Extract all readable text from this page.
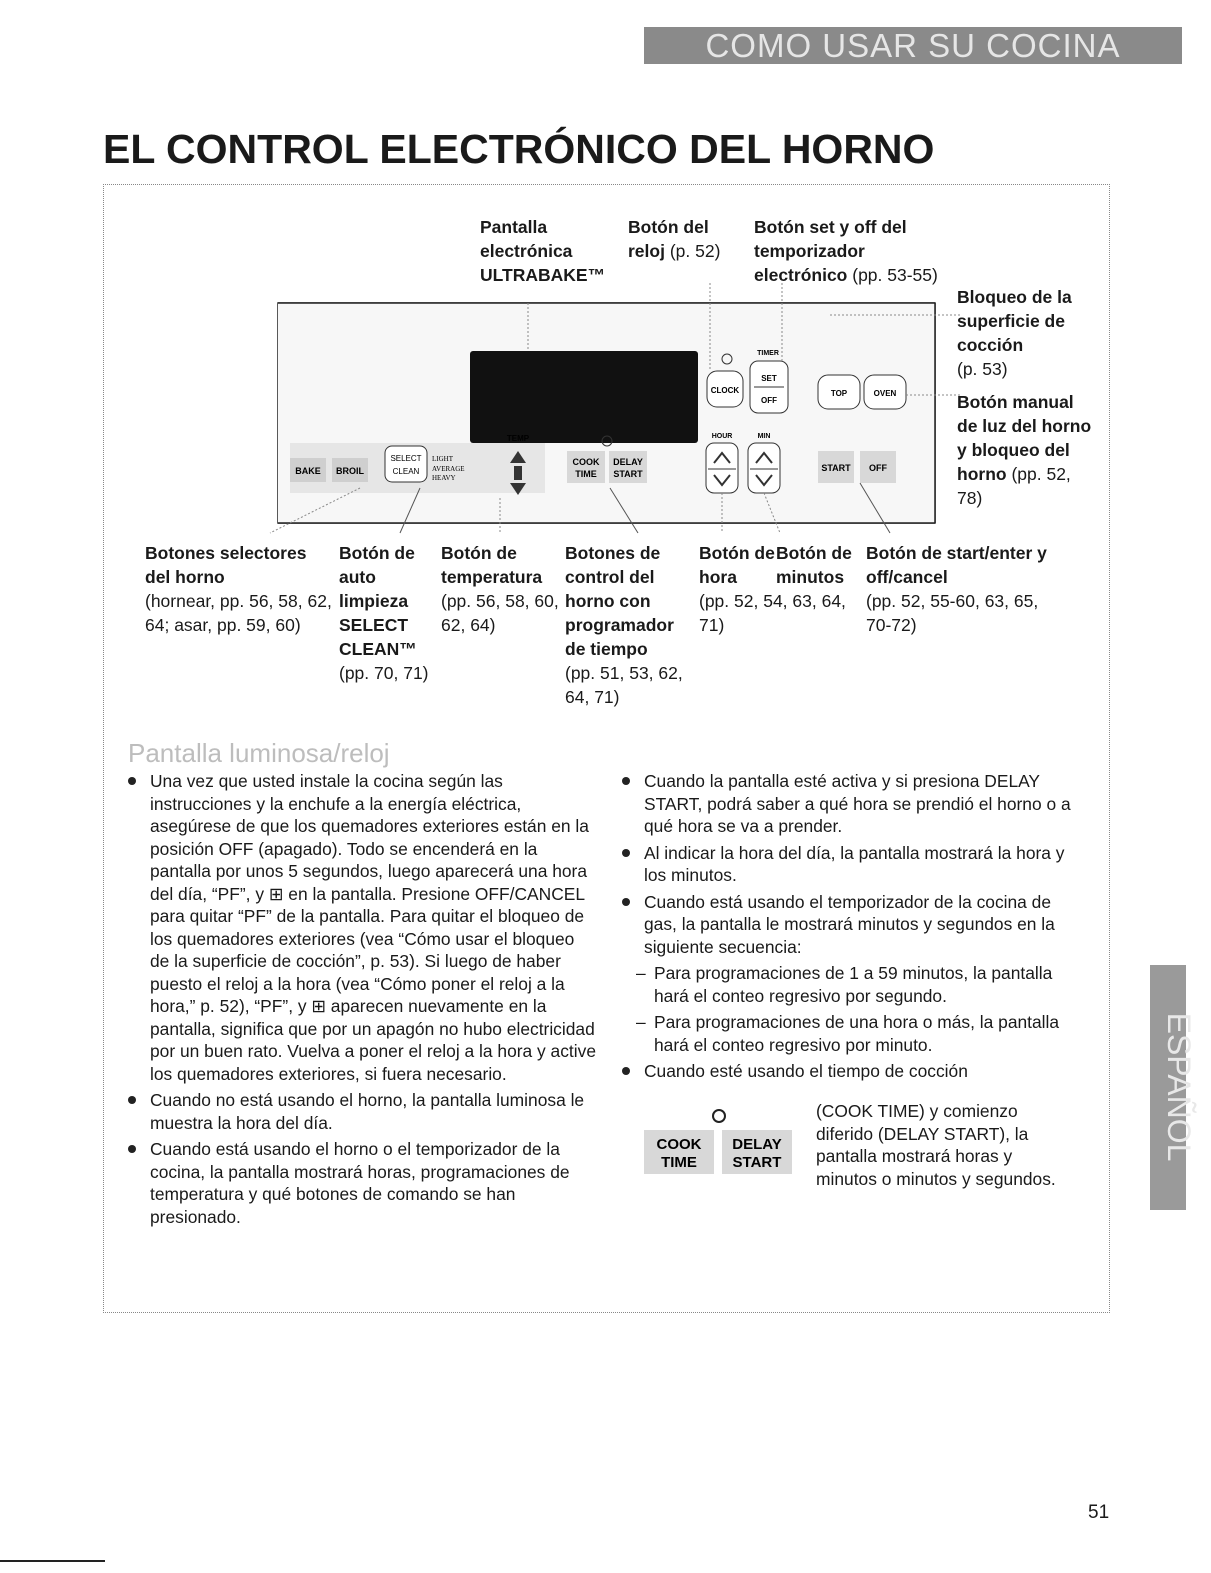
COMO USAR SU COCINA
EL CONTROL ELECTRÓNICO DEL HORNO
Pantalla electrónica ULTRABAKE™
Botón del reloj (p. 52)
Botón set y off del temporizador electrónico (pp. 53-55)
Bloqueo de la superficie de cocción
(p. 53)
Botón manual de luz del horno y bloqueo del horno (pp. 52, 78)
BAKE BROIL
SELECT
CLEAN
LIGHT
AVERAGE
HEAVY
TEMP
COOK
TIME
DELAY
START
CLOCK
TIMER
SET
OFF
HOUR	MIN
TOP	OVEN
START OFF
Botones selectores del horno
(hornear, pp. 56, 58, 62, 64; asar, pp. 59, 60)
Botón de auto limpieza SELECT CLEAN™
(pp. 70, 71)
Botón de temperatura
(pp. 56, 58, 60, 62, 64)
Botones de control del horno con programador de tiempo
(pp. 51, 53, 62, 64, 71)
Botón de hora
Botón de minutos
(pp. 52, 54, 63, 64, 71)
Botón de start/enter y off/cancel
(pp. 52, 55-60, 63, 65, 70-72)
Pantalla luminosa/reloj
Una vez que usted instale la cocina según las instrucciones y la enchufe a la energía eléctrica, asegúrese de que los quemadores exteriores están en la posición OFF (apagado). Todo se encenderá en la pantalla por unos 5 segundos, luego aparecerá una hora del día, “PF”, y ⊞ en la pantalla. Presione OFF/CANCEL para quitar “PF” de la pantalla. Para quitar el bloqueo de los quemadores exteriores (vea “Cómo usar el bloqueo de la superficie de cocción”, p. 53). Si luego de haber puesto el reloj a la hora (vea “Cómo poner el reloj a la hora,” p. 52), “PF”, y ⊞ aparecen nuevamente en la pantalla, significa que por un apagón no hubo electricidad por un buen rato. Vuelva a poner el reloj a la hora y active los quemadores exteriores, si fuera necesario.
Cuando no está usando el horno, la pantalla luminosa le muestra la hora del día.
Cuando está usando el horno o el temporizador de la cocina, la pantalla mostrará horas, programaciones de temperatura y qué botones de comando se han presionado.
Cuando la pantalla esté activa y si presiona DELAY START, podrá saber a qué hora se prendió el horno o a qué hora se va a prender.
Al indicar la hora del día, la pantalla mostrará la hora y los minutos.
Cuando está usando el temporizador de la cocina de gas, la pantalla le mostrará minutos y segundos en la siguiente secuencia:
– Para programaciones de 1 a 59 minutos, la pantalla hará el conteo regresivo por segundo.
– Para programaciones de una hora o más, la pantalla hará el conteo regresivo por minuto.
Cuando esté usando el tiempo de cocción
COOK
TIME
DELAY
START
(COOK TIME) y comienzo diferido (DELAY START), la pantalla mostrará horas y minutos o minutos y segundos.
ESPAÑOL
51
